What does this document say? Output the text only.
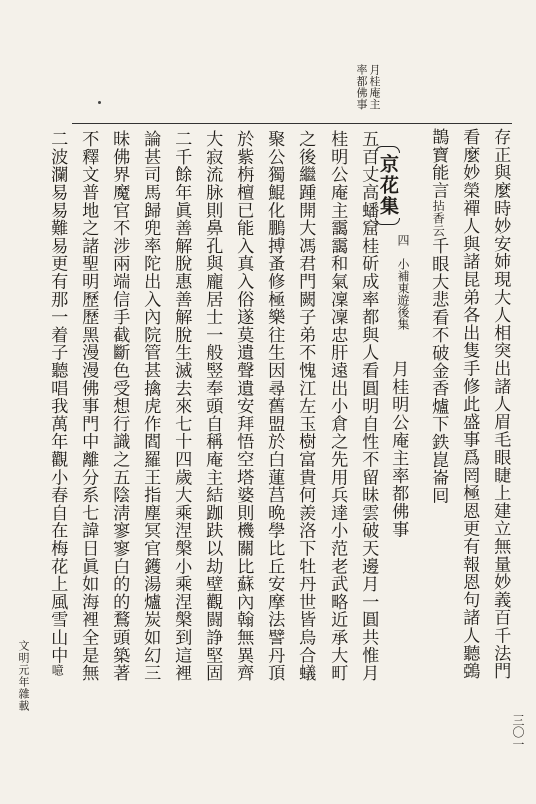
月桂庵主
率都佛事
存正與麼時妙安姉現大人相突出諸人眉毛眼睫上建立無量妙義百千法門
看麼妙榮禪人與諸昆弟各出隻手修此盛事爲罔極恩更有報恩句諸人聽鵶
鵲寶能言拈香云千眼大悲看不破金香爐下鉄崑崙囘
京花集
四
小補東遊後集
月桂明公庵主率都佛事
五百丈高蟠窟桂斫成率都與人看圓明自性不留昧雲破天邊月一圓共惟月
桂明公庵主靄靄和氣凜凜忠肝遠出小倉之先用兵達小范老武略近承大町
之後繼踵開大馮君門闕子弟不愧江左玉樹富貴何羨洛下牡丹世皆烏合蟻
聚公獨鯤化鵬搏蚤修極樂往生因尋舊盟於白蓮莒晩學比丘安摩法譬丹頂
於紫栴檀已能入真入俗遂莫遺聲遺安拜悟空塔婆則機關比蘇內翰無異齊
大寂流脉則鼻孔與龐居士一般竪奉頭自稱庵主結跏趺以劫壁觀闘諍堅固
二千餘年眞善解脫惠善解脫生滅去來七十四歲大乘涅槃小乘涅槃到這裡
論甚司馬歸兜率陀出入內院管甚擒虎作閻羅王指塵冥官鑊湯爐炭如幻三
昧佛界魔官不涉兩端信手截斷色受想行識之五陰淸寥寥白的的鶩頭築著
不釋文普地之諸聖明歷歷黑漫漫佛事門中離分系七諱日眞如海裡全是無
二波瀾易易難易更有那一着子聽唱我萬年觀小春自在梅花上風雪山中噫
文明元年雜載
三〇一
